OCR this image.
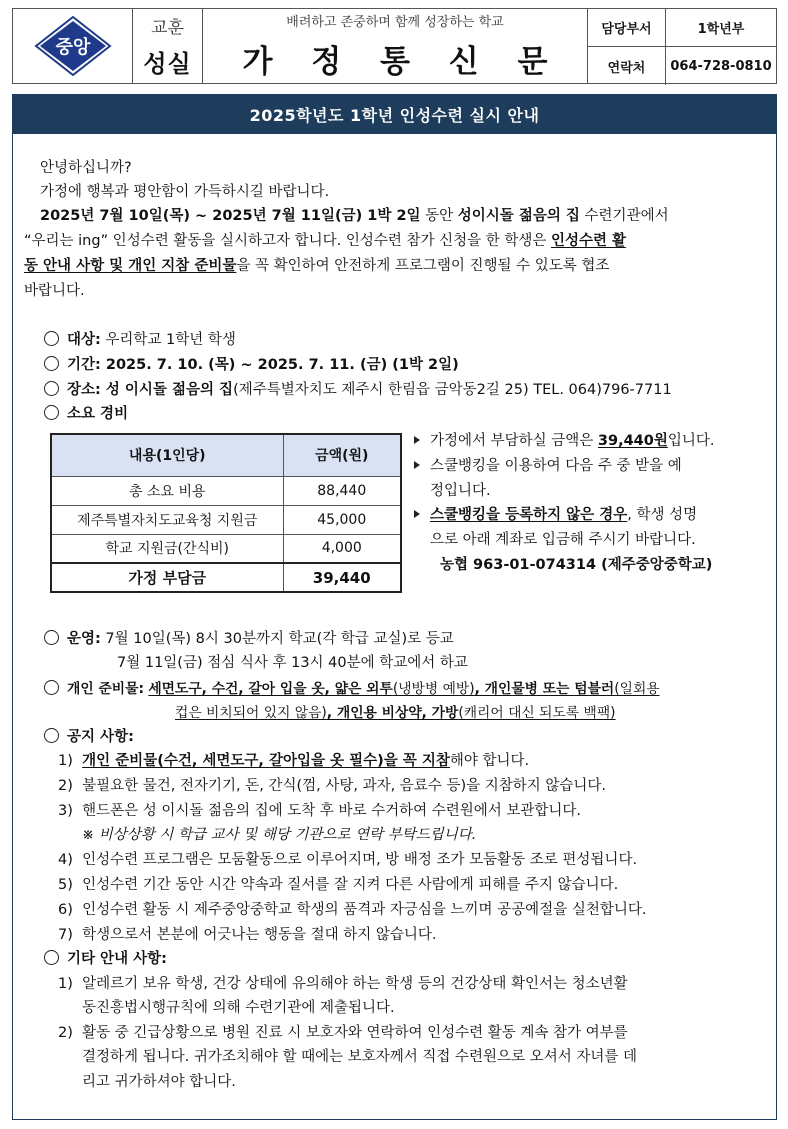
중앙
교훈
성실
배려하고 존중하며 함께 성장하는 학교
가 정 통 신 문
담당부서	1학년부
연락처	064-728-0810
2025학년도 1학년 인성수련 실시 안내
안녕하십니까?
가정에 행복과 평안함이 가득하시길 바랍니다.
2025년 7월 10일(목) ~ 2025년 7월 11일(금) 1박 2일 동안 성이시돌 젊음의 집 수련기관에서
“우리는 ing” 인성수련 활동을 실시하고자 합니다. 인성수련 참가 신청을 한 학생은 인성수련 활
동 안내 사항 및 개인 지참 준비물을 꼭 확인하여 안전하게 프로그램이 진행될 수 있도록 협조
바랍니다.
대상: 우리학교 1학년 학생
기간: 2025. 7. 10. (목) ~ 2025. 7. 11. (금) (1박 2일)
장소: 성 이시돌 젊음의 집(제주특별자치도 제주시 한림읍 금악동2길 25) TEL. 064)796-7711
소요 경비
내용(1인당)	금액(원)
총 소요 비용	88,440
제주특별자치도교육청 지원금	45,000
학교 지원금(간식비)	4,000
가정 부담금	39,440
가정에서 부담하실 금액은 39,440원입니다.
스쿨뱅킹을 이용하여 다음 주 중 받을 예
정입니다.
스쿨뱅킹을 등록하지 않은 경우, 학생 성명
으로 아래 계좌로 입금해 주시기 바랍니다.
농협 963-01-074314 (제주중앙중학교)
운영: 7월 10일(목) 8시 30분까지 학교(각 학급 교실)로 등교
7월 11일(금) 점심 식사 후 13시 40분에 학교에서 하교
개인 준비물: 세면도구, 수건, 갈아 입을 옷, 얇은 외투(냉방병 예방), 개인물병 또는 텀블러(일회용
컵은 비치되어 있지 않음), 개인용 비상약, 가방(캐리어 대신 되도록 백팩)
공지 사항:
1) 개인 준비물(수건, 세면도구, 갈아입을 옷 필수)을 꼭 지참해야 합니다.
2) 불필요한 물건, 전자기기, 돈, 간식(껌, 사탕, 과자, 음료수 등)을 지참하지 않습니다.
3) 핸드폰은 성 이시돌 젊음의 집에 도착 후 바로 수거하여 수련원에서 보관합니다.
※ 비상상황 시 학급 교사 및 해당 기관으로 연락 부탁드립니다.
4) 인성수련 프로그램은 모둠활동으로 이루어지며, 방 배정 조가 모둠활동 조로 편성됩니다.
5) 인성수련 기간 동안 시간 약속과 질서를 잘 지켜 다른 사람에게 피해를 주지 않습니다.
6) 인성수련 활동 시 제주중앙중학교 학생의 품격과 자긍심을 느끼며 공공예절을 실천합니다.
7) 학생으로서 본분에 어긋나는 행동을 절대 하지 않습니다.
기타 안내 사항:
1) 알레르기 보유 학생, 건강 상태에 유의해야 하는 학생 등의 건강상태 확인서는 청소년활
동진흥법시행규칙에 의해 수련기관에 제출됩니다.
2) 활동 중 긴급상황으로 병원 진료 시 보호자와 연락하여 인성수련 활동 계속 참가 여부를
결정하게 됩니다. 귀가조치해야 할 때에는 보호자께서 직접 수련원으로 오셔서 자녀를 데
리고 귀가하셔야 합니다.
